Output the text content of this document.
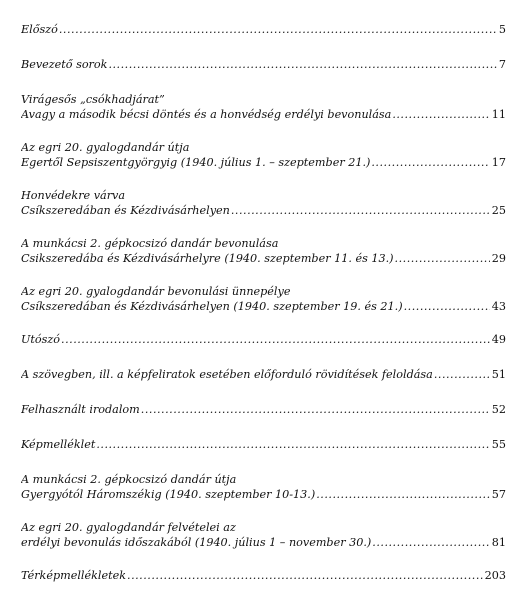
Előszó .....	5
Bevezető sorok .....	7
Virágesős „csókhadjárat”
Avagy a második bécsi döntés és a honvédség erdélyi bevonulása .....	11
Az egri 20. gyalogdandár útja
Egertől Sepsiszentgyörgyig (1940. július 1. – szeptember 21.) .....	17
Honvédekre várva
Csíkszeredában és Kézdivásárhelyen .....	25
A munkácsi 2. gépkocsizó dandár bevonulása
Csikszeredába és Kézdivásárhelyre (1940. szeptember 11. és 13.) .....	29
Az egri 20. gyalogdandár bevonulási ünnepélye
Csíkszeredában és Kézdivásárhelyen (1940. szeptember 19. és 21.) .....	43
Utószó .....	49
A szövegben, ill. a képfeliratok esetében előforduló rövidítések feloldása .....	51
Felhasznált irodalom .....	52
Képmelléklet .....	55
A munkácsi 2. gépkocsizó dandár útja
Gyergyótól Háromszékig (1940. szeptember 10-13.) .....	57
Az egri 20. gyalogdandár felvételei az
erdélyi bevonulás időszakából (1940. július 1 – november 30.) .....	81
Térképmellékletek .....	203
